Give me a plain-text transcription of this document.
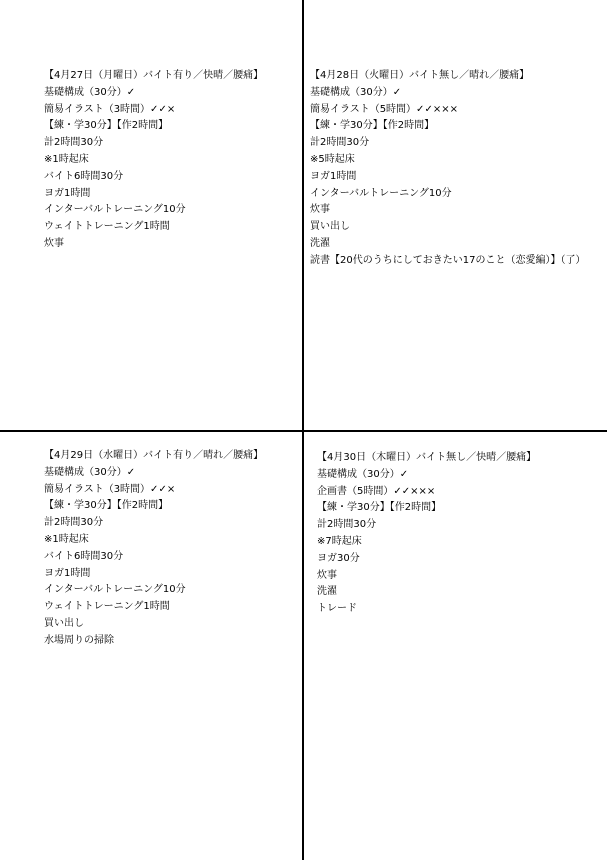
【4月27日（月曜日）バイト有り／快晴／腰痛】
基礎構成（30分）✓
簡易イラスト（3時間）✓✓×
【練・学30分】【作2時間】
計2時間30分
※1時起床
バイト6時間30分
ヨガ1時間
インターバルトレーニング10分
ウェイトトレーニング1時間
炊事
【4月28日（火曜日）バイト無し／晴れ／腰痛】
基礎構成（30分）✓
簡易イラスト（5時間）✓✓×××
【練・学30分】【作2時間】
計2時間30分
※5時起床
ヨガ1時間
インターバルトレーニング10分
炊事
買い出し
洗濯
読書【20代のうちにしておきたい17のこと（恋愛編）】（了）
【4月29日（水曜日）バイト有り／晴れ／腰痛】
基礎構成（30分）✓
簡易イラスト（3時間）✓✓×
【練・学30分】【作2時間】
計2時間30分
※1時起床
バイト6時間30分
ヨガ1時間
インターバルトレーニング10分
ウェイトトレーニング1時間
買い出し
水場周りの掃除
【4月30日（木曜日）バイト無し／快晴／腰痛】
基礎構成（30分）✓
企画書（5時間）✓✓×××
【練・学30分】【作2時間】
計2時間30分
※7時起床
ヨガ30分
炊事
洗濯
トレード
